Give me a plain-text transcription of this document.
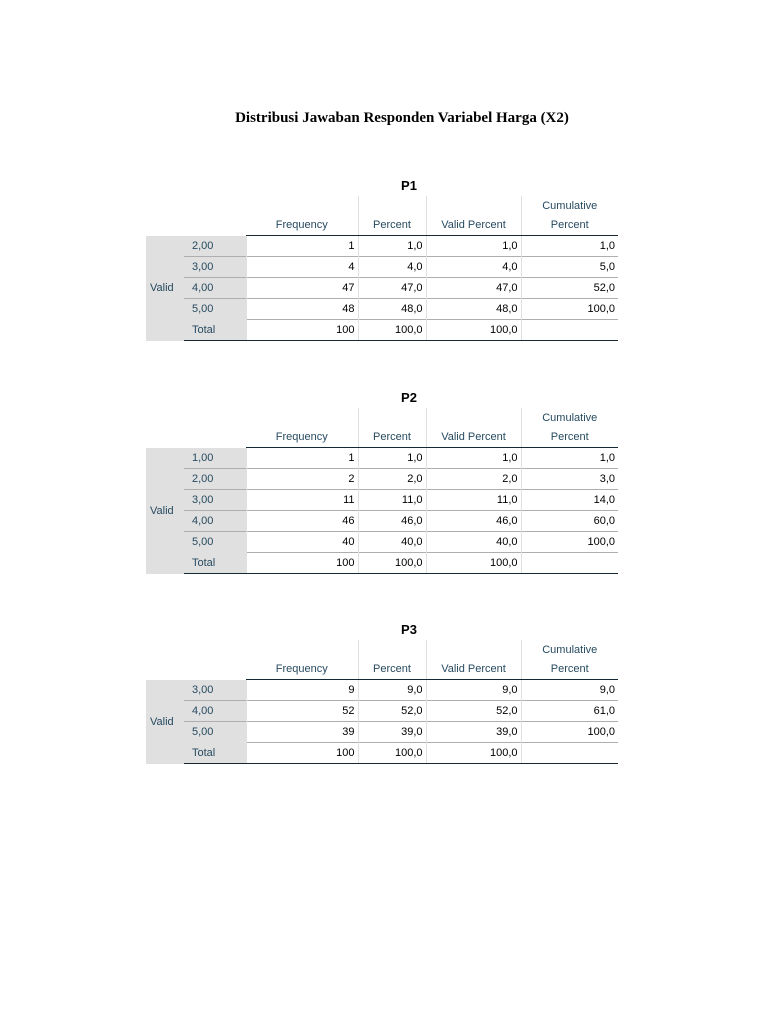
Distribusi Jawaban Responden Variabel Harga (X2)
P1
					Cumulative
		Frequency	Percent	Valid Percent	Percent
Valid	2,00	1	1,0	1,0	1,0
	3,00	4	4,0	4,0	5,0
	4,00	47	47,0	47,0	52,0
	5,00	48	48,0	48,0	100,0
	Total	100	100,0	100,0	
P2
					Cumulative
		Frequency	Percent	Valid Percent	Percent
Valid	1,00	1	1,0	1,0	1,0
	2,00	2	2,0	2,0	3,0
	3,00	11	11,0	11,0	14,0
	4,00	46	46,0	46,0	60,0
	5,00	40	40,0	40,0	100,0
	Total	100	100,0	100,0	
P3
					Cumulative
		Frequency	Percent	Valid Percent	Percent
Valid	3,00	9	9,0	9,0	9,0
	4,00	52	52,0	52,0	61,0
	5,00	39	39,0	39,0	100,0
	Total	100	100,0	100,0	
